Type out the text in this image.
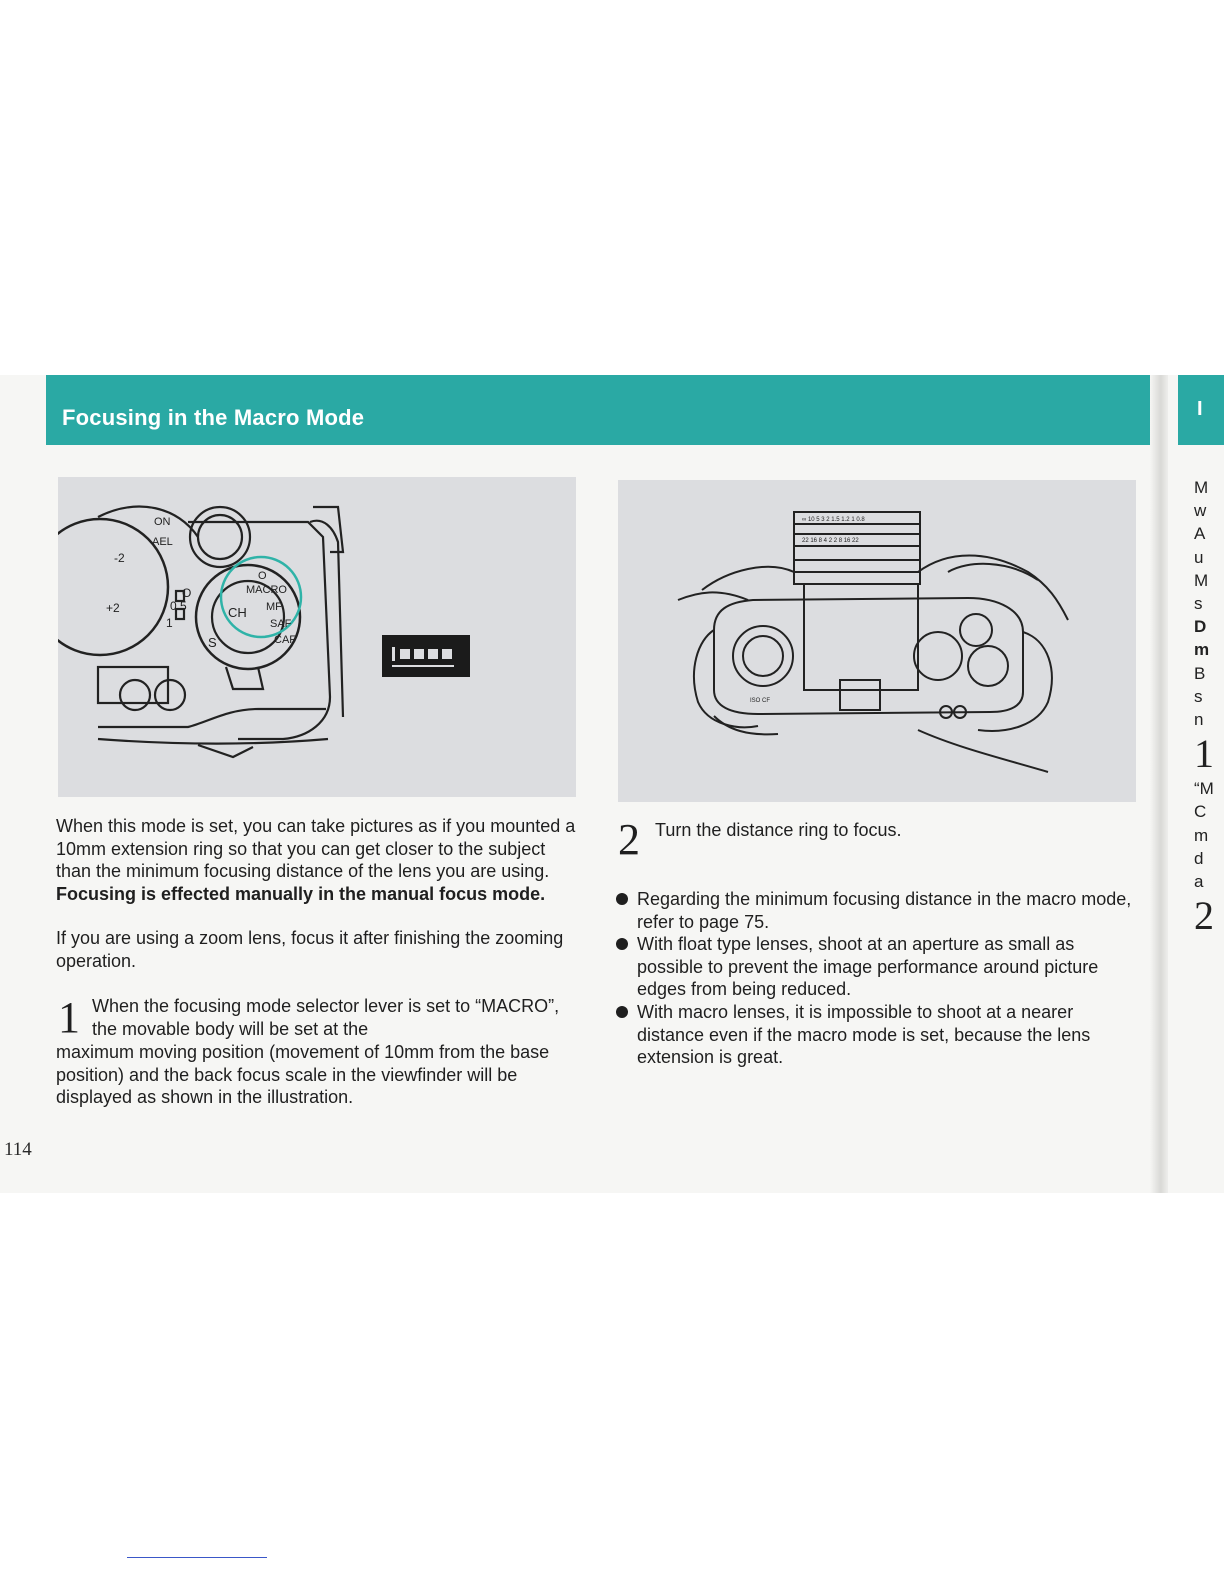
Focusing in the Macro Mode
ON
AEL
O
MACRO
MF
SAF
CAF
CH
S
O
0.5
1
-2
+2
∞ 10 5 3 2 1.5 1.2 1 0.8
22 16 8 4 2 2 8 16 22
ISO CF
When this mode is set, you can take pictures as if you mounted a 10mm extension ring so that you can get closer to the subject than the minimum focusing distance of the lens you are using. Focusing is effected manually in the manual focus mode.
If you are using a zoom lens, focus it after finishing the zooming operation.
1 When the focusing mode selector lever is set to “MACRO”, the movable body will be set at the
maximum moving position (movement of 10mm from the base position) and the back focus scale in the viewfinder will be displayed as shown in the illustration.
2 Turn the distance ring to focus.
Regarding the minimum focusing distance in the macro mode, refer to page 75.
With float type lenses, shoot at an aperture as small as possible to prevent the image performance around picture edges from being reduced.
With macro lenses, it is impossible to shoot at a nearer distance even if the macro mode is set, because the lens extension is great.
114
M
w
A
u
M
s
D
m
B
s
n
1
“M
C
m
d
a
2
I
